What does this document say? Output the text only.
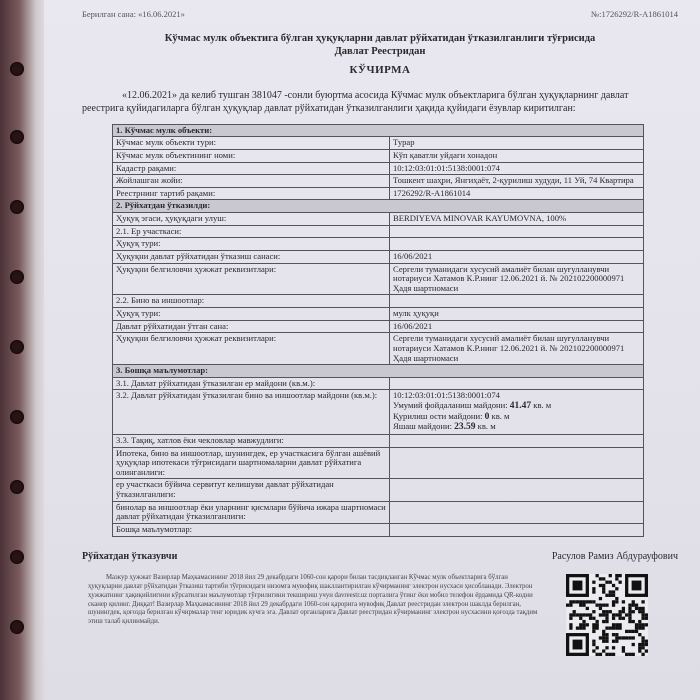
Берилган сана: «16.06.2021»	№:1726292/R-A1861014
Кўчмас мулк объектига бўлган ҳуқуқларни давлат рўйхатидан ўтказилганлиги тўғрисида
Давлат Реестридан
КЎЧИРМА

«12.06.2021» да келиб тушган 381047 -сонли буюртма асосида Кўчмас мулк объектларига бўлган ҳуқуқларнинг давлат реестрига қуйидагиларга бўлган ҳуқуқлар давлат рўйхатидан ўтказилганлиги ҳақида қуйидаги ёзувлар киритилган:

1. Кўчмас мулк объекти:	
Кўчмас мулк объекти тури:	Турар
Кўчмас мулк объектининг номи:	Кўп қаватли уйдаги хонадон
Кадастр рақами:	10:12:03:01:01:5138:0001:074
Жойлашган жойи:	Тошкент шаҳри, Янгиҳаёт, 2-қурилиш худуди, 11 Уй, 74 Квартира
Реестрнинг тартиб рақами:	1726292/R-A1861014
2. Рўйхатдан ўтказилди:	
Ҳуқуқ эгаси, ҳуқуқдаги улуш:	BERDIYEVA MINOVAR KAYUMOVNA, 100%
2.1. Ер участкаси:	
Ҳуқуқ тури:	
Ҳуқуқни давлат рўйхатидан ўтказиш санаси:	16/06/2021
Ҳуқуқни белгиловчи ҳужжат реквизитлари:	Сергели туманидаги хусусий амалиёт билан шуғулланувчи нотариуси Хатамов К.Р.нинг 12.06.2021 й. № 202102200000971 Ҳадя шартномаси
2.2. Бино ва иншоотлар:	
Ҳуқуқ тури:	мулк ҳуқуқи
Давлат рўйхатидан ўтган сана:	16/06/2021
Ҳуқуқни белгиловчи ҳужжат реквизитлари:	Сергели туманидаги хусусий амалиёт билан шуғулланувчи нотариуси Хатамов К.Р.нинг 12.06.2021 й. № 202102200000971 Ҳадя шартномаси
3. Бошқа маълумотлар:	
3.1. Давлат рўйхатидан ўтказилган ер майдони (кв.м.):	
3.2. Давлат рўйхатидан ўтказилган бино ва иншоотлар майдони (кв.м.):	10:12:03:01:01:5138:0001:074
Умумий фойдаланиш майдони: 41.47 кв. м
Қурилиш ости майдони: 0 кв. м
Яшаш майдони: 23.59 кв. м

3.3. Тақиқ, хатлов ёки чекловлар мавжудлиги:	
Ипотека, бино ва иншоотлар, шунингдек, ер участкасига бўлган ашёвий ҳуқуқлар ипотекаси тўғрисидаги шартномаларни давлат рўйхатига олинганлиги:	
ер участкаси бўйича сервитут келишуви давлат рўйхатидан ўтказилганлиги:	
бинолар ва иншоотлар ёки уларнинг қисмлари бўйича ижара шартномаси давлат рўйхатидан ўтказилганлиги:	
Бошқа маълумотлар:	
Рўйхатдан ўтказувчи	Расулов Рамиз Абдурауфович

Мазкур ҳужжат Вазирлар Маҳкамасининг 2018 йил 29 декабрдаги 1060-сон қарори билан тасдиқланган Кўчмас мулк объектларига бўлган ҳуқуқларни давлат рўйхатидан ўтказиш тартиби тўғрисидаги низомга мувофиқ шакллантирилган кўчирманинг электрон нусхаси ҳисобланади. Электрон ҳужжатнинг ҳақиқийлигини кўрсатилган маълумотлар тўғрилигини текшириш учун davreestr.uz порталига ўтинг ёки мобил телефон ёрдамида QR-кодни сканер қилинг. Диққат! Вазирлар Маҳкамасининг 2018 йил 29 декабрдаги 1060-сон қарорига мувофиқ Давлат реестридан электрон шаклда берилган, шунингдек, қоғозда берилган кўчирмалар тенг юридик кучга эга. Давлат органларига Давлат реестридан кўчирманинг электрон нусхасини қоғозда тақдим этиш талаб қилинмайди.
